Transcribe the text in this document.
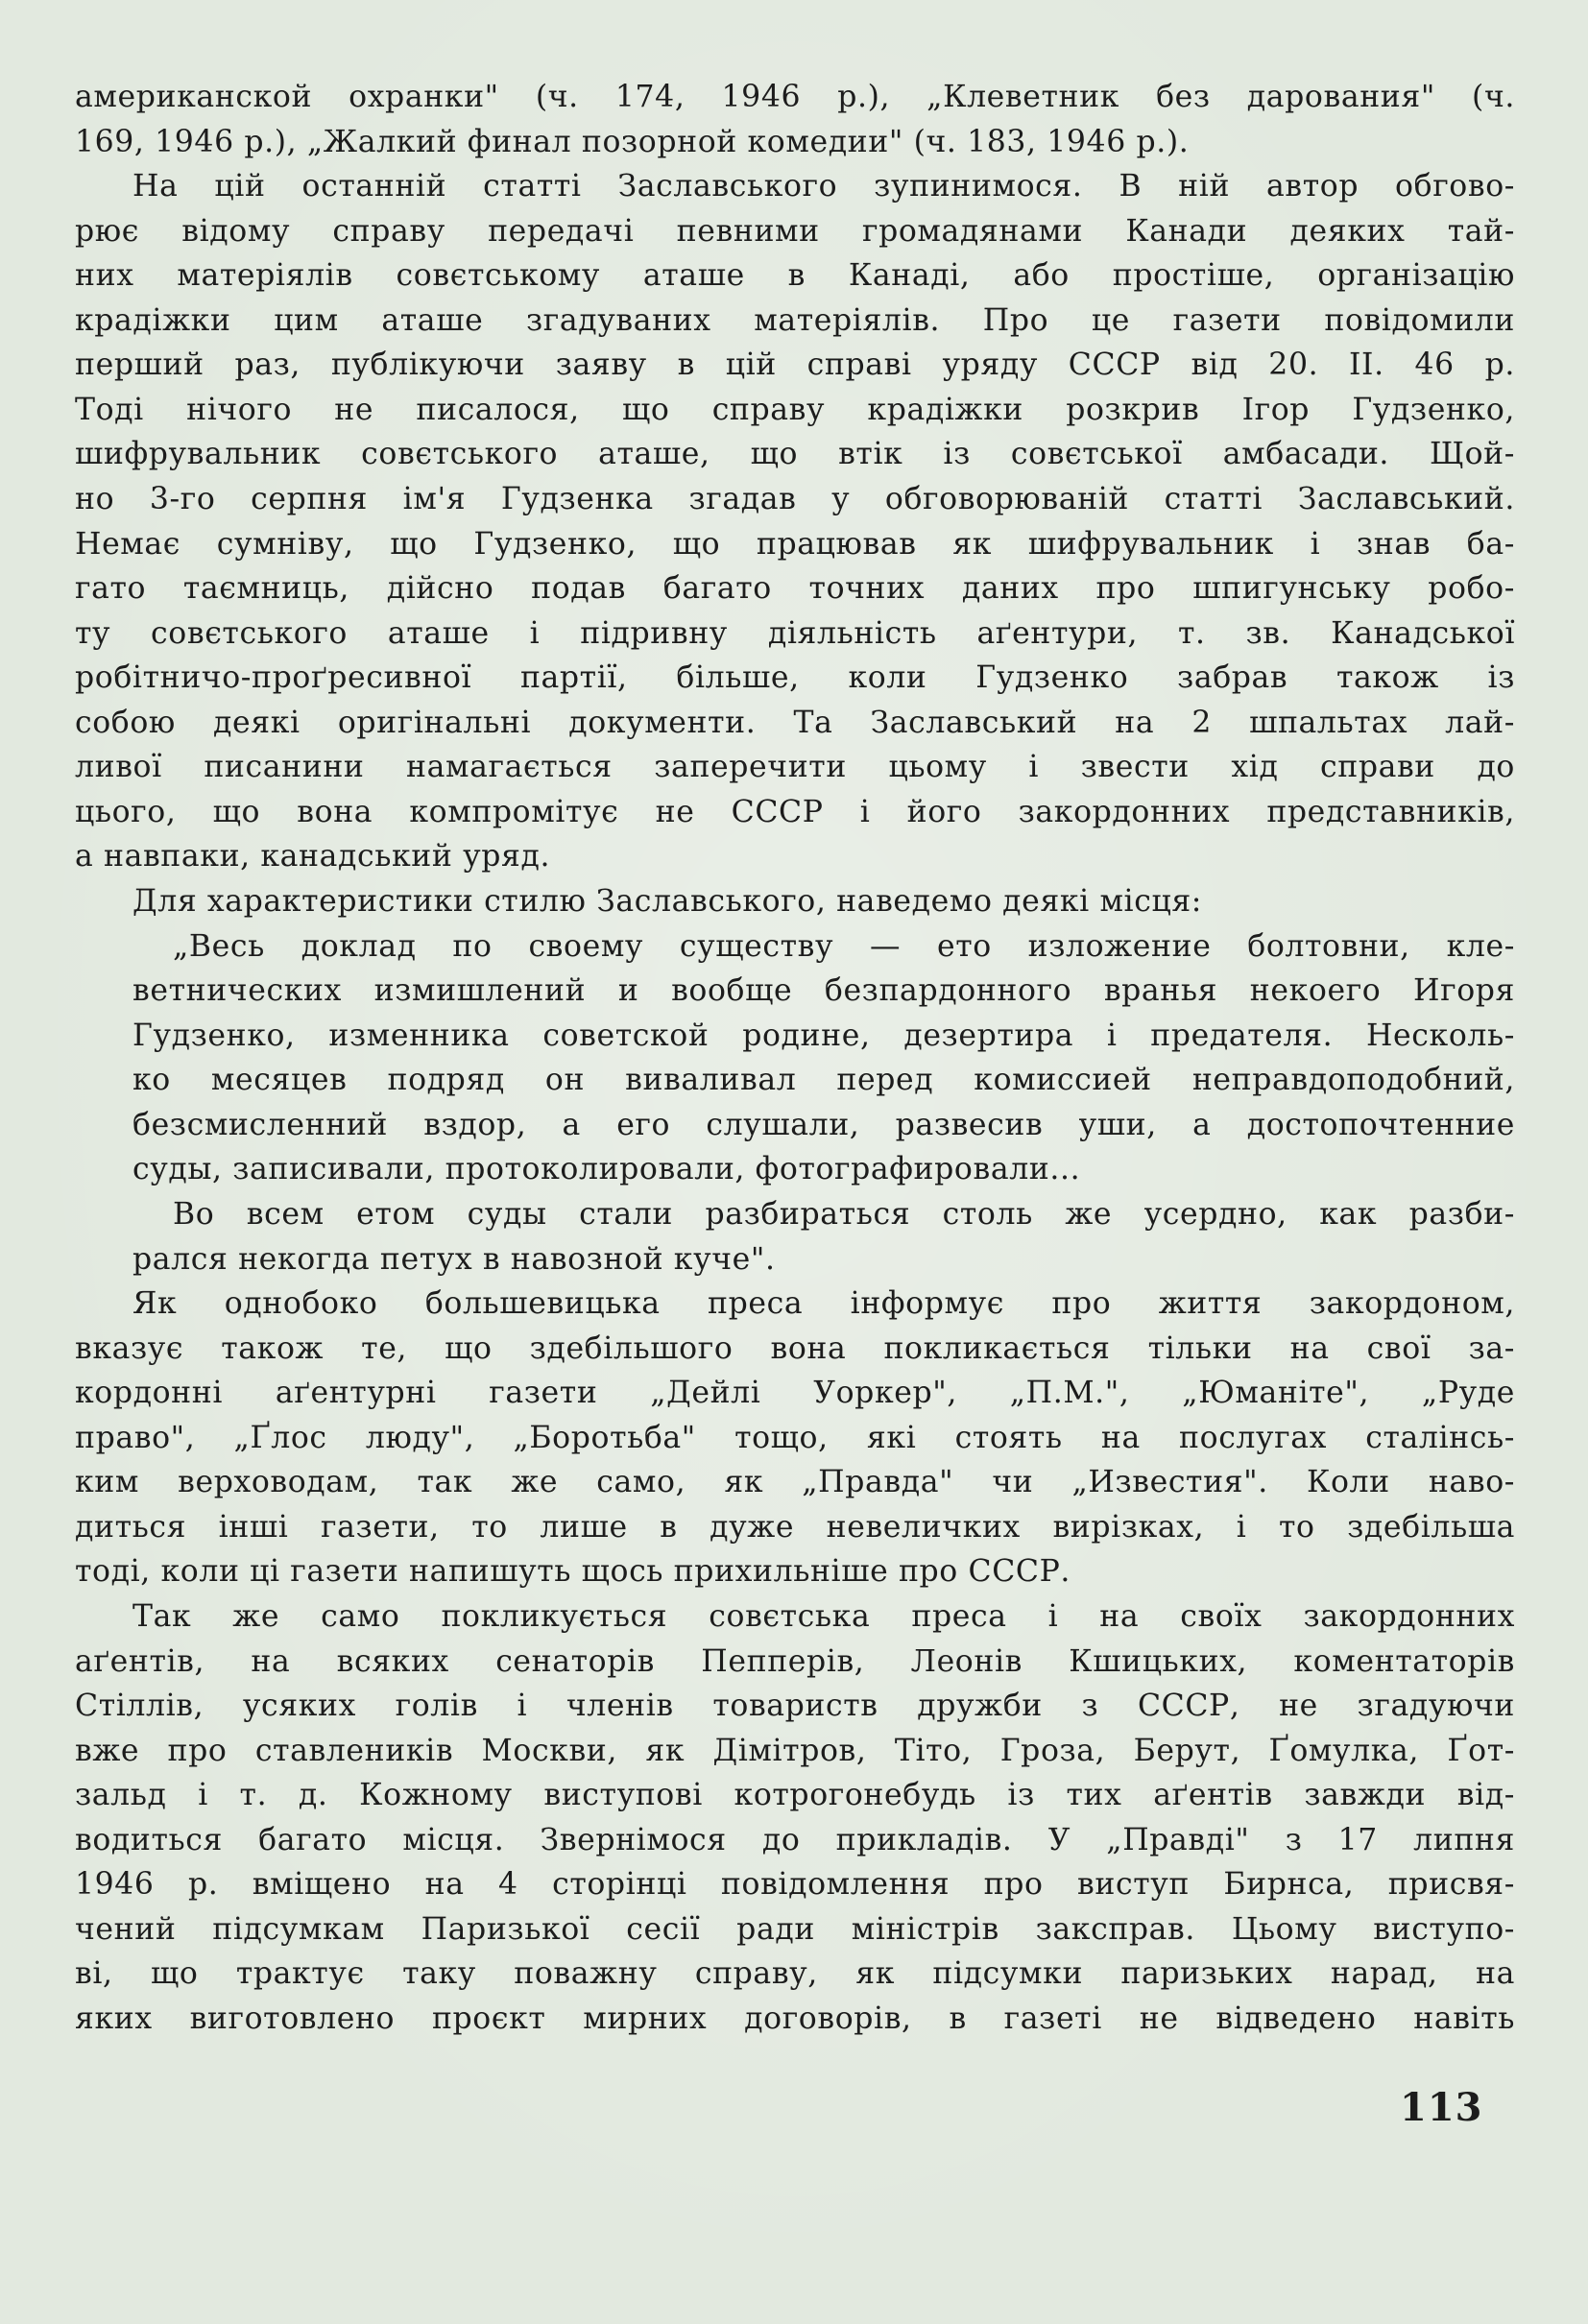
американской охранки" (ч. 174, 1946 р.), „Клеветник без дарования" (ч.
169, 1946 р.), „Жалкий финал позорной комедии" (ч. 183, 1946 р.).
На цій останній статті Заславського зупинимося. В ній автор обгово-
рює відому справу передачі певними громадянами Канади деяких тай-
них матеріялів совєтському аташе в Канаді, або простіше, організацію
крадіжки цим аташе згадуваних матеріялів. Про це газети повідомили
перший раз, публікуючи заяву в цій справі уряду СССР від 20. II. 46 р.
Тоді нічого не писалося, що справу крадіжки розкрив Ігор Гудзенко,
шифрувальник совєтського аташе, що втік із совєтської амбасади. Щой-
но 3-го серпня ім'я Гудзенка згадав у обговорюваній статті Заславський.
Немає сумніву, що Гудзенко, що працював як шифрувальник і знав ба-
гато таємниць, дійсно подав багато точних даних про шпигунську робо-
ту совєтського аташе і підривну діяльність аґентури, т. зв. Канадської
робітничо-проґресивної партії, більше, коли Гудзенко забрав також із
собою деякі оригінальні документи. Та Заславський на 2 шпальтах лай-
ливої писанини намагається заперечити цьому і звести хід справи до
цього, що вона компромітує не СССР і його закордонних представників,
а навпаки, канадський уряд.
Для характеристики стилю Заславського, наведемо деякі місця:
„Весь доклад по своему существу — ето изложение болтовни, кле-
ветнических измишлений и вообще безпардонного вранья некоего Игоря
Гудзенко, изменника советской родине, дезертира і предателя. Несколь-
ко месяцев подряд он виваливал перед комиссией неправдоподобний,
безсмисленний вздор, а его слушали, развесив уши, а достопочтенние
суды, записивали, протоколировали, фотографировали...
Во всем етом суды стали разбираться столь же усердно, как разби-
рался некогда петух в навозной куче".
Як однобоко большевицька преса інформує про життя закордоном,
вказує також те, що здебільшого вона покликається тільки на свої за-
кордонні аґентурні газети „Дейлі Уоркер", „П.М.", „Юманіте", „Руде
право", „Ґлос люду", „Боротьба" тощо, які стоять на послугах сталінсь-
ким верховодам, так же само, як „Правда" чи „Известия". Коли наво-
диться інші газети, то лише в дуже невеличких вирізках, і то здебільша
тоді, коли ці газети напишуть щось прихильніше про СССР.
Так же само покликується совєтська преса і на своїх закордонних
аґентів, на всяких сенаторів Пепперів, Леонів Кшицьких, коментаторів
Стіллів, усяких голів і членів товариств дружби з СССР, не згадуючи
вже про ставлеників Москви, як Дімітров, Тіто, Гроза, Берут, Ґомулка, Ґот-
зальд і т. д. Кожному виступові котрогонебудь із тих аґентів завжди від-
водиться багато місця. Звернімося до прикладів. У „Правді" з 17 липня
1946 р. вміщено на 4 сторінці повідомлення про виступ Бирнса, присвя-
чений підсумкам Паризької сесії ради міністрів заксправ. Цьому виступо-
ві, що трактує таку поважну справу, як підсумки паризьких нарад, на
яких виготовлено проєкт мирних договорів, в газеті не відведено навіть
113
